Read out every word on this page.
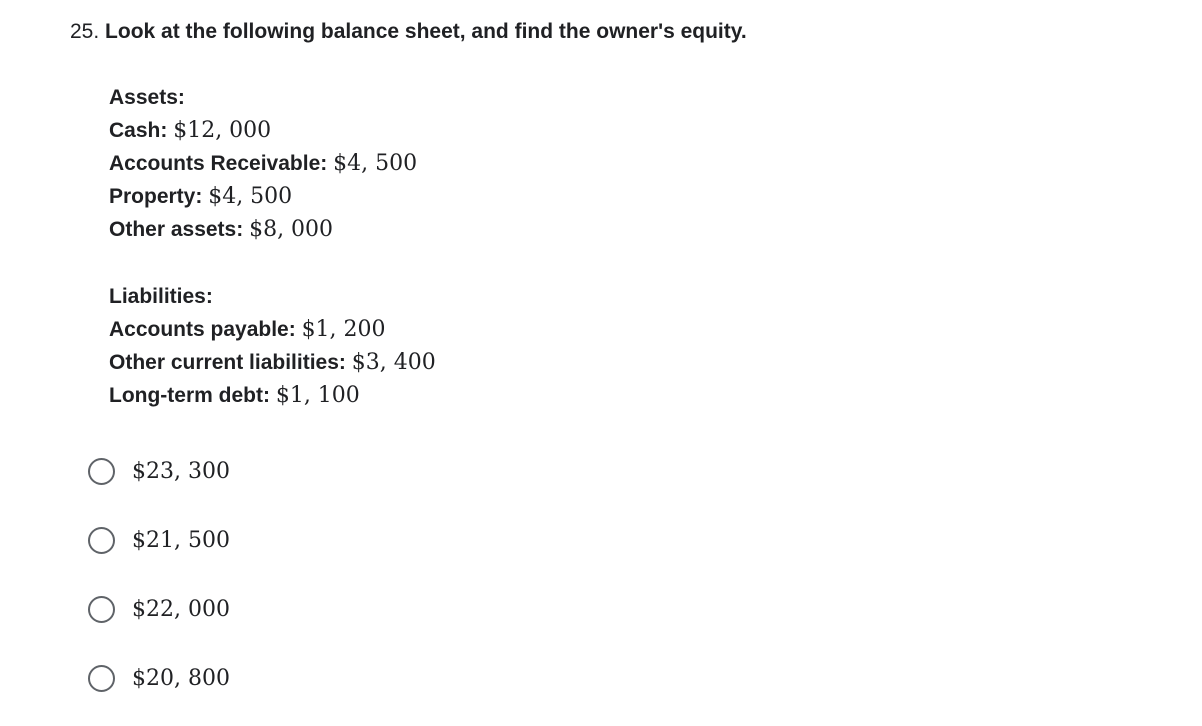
25. Look at the following balance sheet, and find the owner's equity.
Assets:
Cash: $12, 000
Accounts Receivable: $4, 500
Property: $4, 500
Other assets: $8, 000
Liabilities:
Accounts payable: $1, 200
Other current liabilities: $3, 400
Long-term debt: $1, 100
$23, 300
$21, 500
$22, 000
$20, 800
